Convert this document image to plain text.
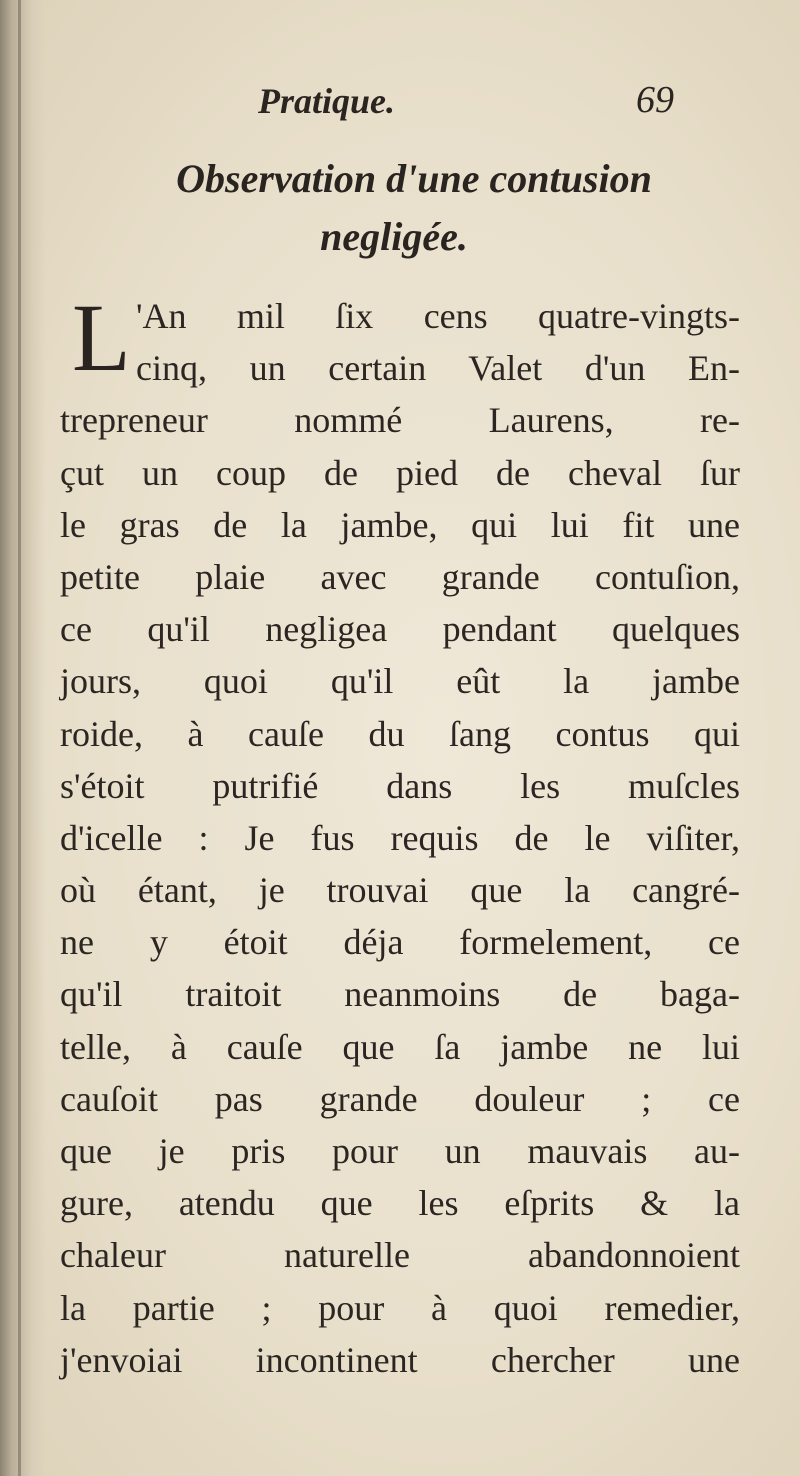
Pratique.	69
Observation d'une contusion
negligée.
L 'An mil ſix cens quatre-vingts-
cinq, un certain Valet d'un En-
trepreneur nommé Laurens, re-
çut un coup de pied de cheval ſur
le gras de la jambe, qui lui fit une
petite plaie avec grande contuſion,
ce qu'il negligea pendant quelques
jours, quoi qu'il eût la jambe
roide, à cauſe du ſang contus qui
s'étoit putrifié dans les muſcles
d'icelle : Je fus requis de le viſiter,
où étant, je trouvai que la cangré-
ne y étoit déja formelement, ce
qu'il traitoit neanmoins de baga-
telle, à cauſe que ſa jambe ne lui
cauſoit pas grande douleur ; ce
que je pris pour un mauvais au-
gure, atendu que les eſprits & la
chaleur naturelle abandonnoient
la partie ; pour à quoi remedier,
j'envoiai incontinent chercher une
